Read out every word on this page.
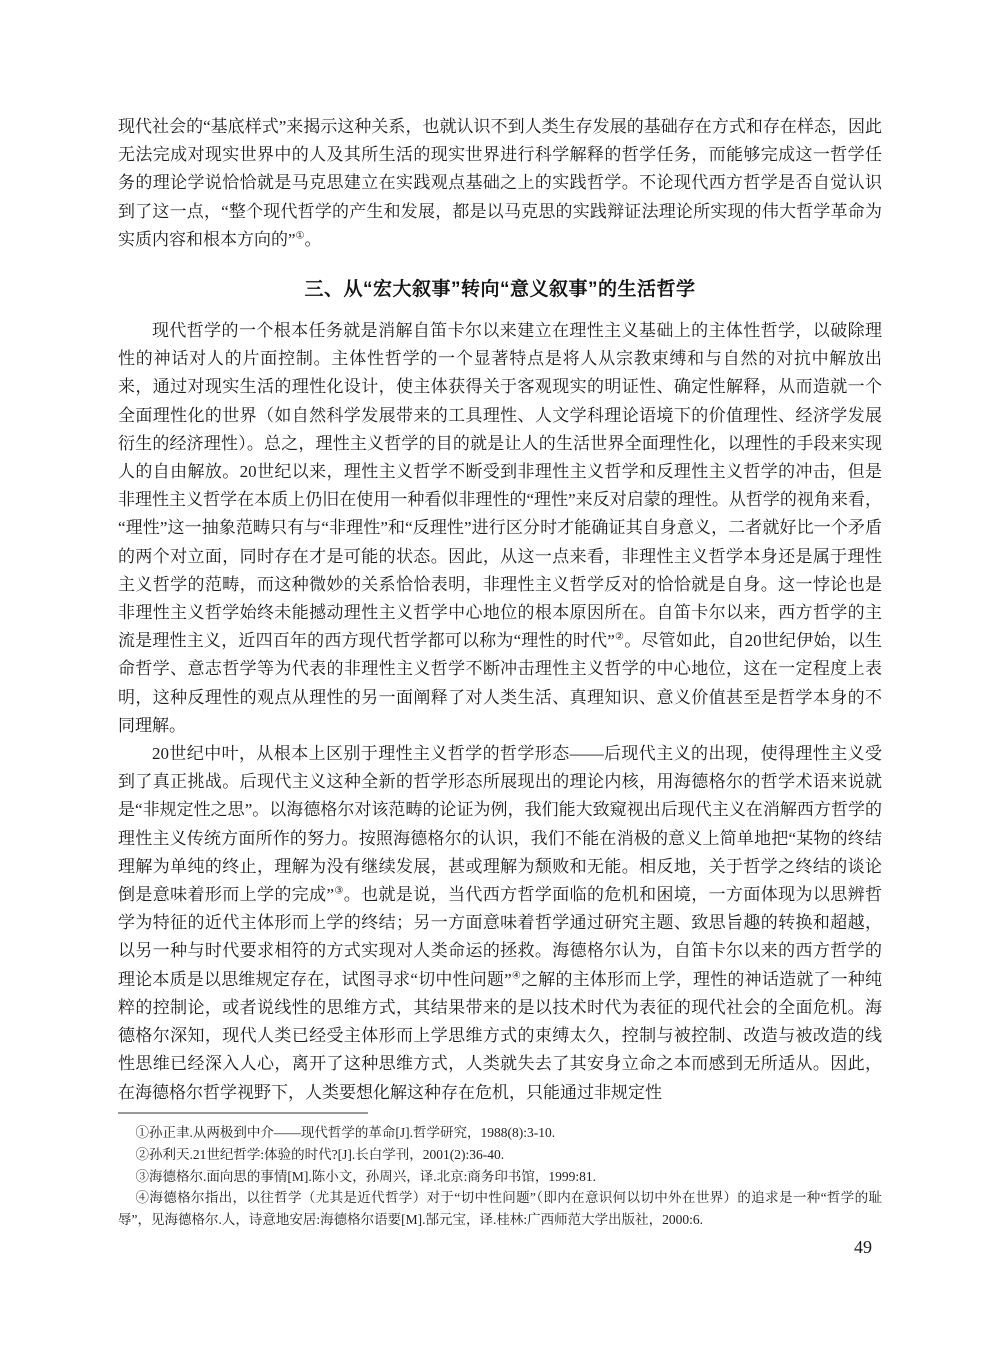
现代社会的“基底样式”来揭示这种关系，也就认识不到人类生存发展的基础存在方式和存在样态，因此无法完成对现实世界中的人及其所生活的现实世界进行科学解释的哲学任务，而能够完成这一哲学任务的理论学说恰恰就是马克思建立在实践观点基础之上的实践哲学。不论现代西方哲学是否自觉认识到了这一点，“整个现代哲学的产生和发展，都是以马克思的实践辩证法理论所实现的伟大哲学革命为实质内容和根本方向的”①。

三、从“宏大叙事”转向“意义叙事”的生活哲学

现代哲学的一个根本任务就是消解自笛卡尔以来建立在理性主义基础上的主体性哲学，以破除理性的神话对人的片面控制。主体性哲学的一个显著特点是将人从宗教束缚和与自然的对抗中解放出来，通过对现实生活的理性化设计，使主体获得关于客观现实的明证性、确定性解释，从而造就一个全面理性化的世界（如自然科学发展带来的工具理性、人文学科理论语境下的价值理性、经济学发展衍生的经济理性）。总之，理性主义哲学的目的就是让人的生活世界全面理性化，以理性的手段来实现人的自由解放。20世纪以来，理性主义哲学不断受到非理性主义哲学和反理性主义哲学的冲击，但是非理性主义哲学在本质上仍旧在使用一种看似非理性的“理性”来反对启蒙的理性。从哲学的视角来看，“理性”这一抽象范畴只有与“非理性”和“反理性”进行区分时才能确证其自身意义，二者就好比一个矛盾的两个对立面，同时存在才是可能的状态。因此，从这一点来看，非理性主义哲学本身还是属于理性主义哲学的范畴，而这种微妙的关系恰恰表明，非理性主义哲学反对的恰恰就是自身。这一悖论也是非理性主义哲学始终未能撼动理性主义哲学中心地位的根本原因所在。自笛卡尔以来，西方哲学的主流是理性主义，近四百年的西方现代哲学都可以称为“理性的时代”②。尽管如此，自20世纪伊始，以生命哲学、意志哲学等为代表的非理性主义哲学不断冲击理性主义哲学的中心地位，这在一定程度上表明，这种反理性的观点从理性的另一面阐释了对人类生活、真理知识、意义价值甚至是哲学本身的不同理解。

20世纪中叶，从根本上区别于理性主义哲学的哲学形态——后现代主义的出现，使得理性主义受到了真正挑战。后现代主义这种全新的哲学形态所展现出的理论内核，用海德格尔的哲学术语来说就是“非规定性之思”。以海德格尔对该范畴的论证为例，我们能大致窥视出后现代主义在消解西方哲学的理性主义传统方面所作的努力。按照海德格尔的认识，我们不能在消极的意义上简单地把“某物的终结理解为单纯的终止，理解为没有继续发展，甚或理解为颓败和无能。相反地，关于哲学之终结的谈论倒是意味着形而上学的完成”③。也就是说，当代西方哲学面临的危机和困境，一方面体现为以思辨哲学为特征的近代主体形而上学的终结；另一方面意味着哲学通过研究主题、致思旨趣的转换和超越，以另一种与时代要求相符的方式实现对人类命运的拯救。海德格尔认为，自笛卡尔以来的西方哲学的理论本质是以思维规定存在，试图寻求“切中性问题”④之解的主体形而上学，理性的神话造就了一种纯粹的控制论，或者说线性的思维方式，其结果带来的是以技术时代为表征的现代社会的全面危机。海德格尔深知，现代人类已经受主体形而上学思维方式的束缚太久，控制与被控制、改造与被改造的线性思维已经深入人心，离开了这种思维方式，人类就失去了其安身立命之本而感到无所适从。因此，在海德格尔哲学视野下，人类要想化解这种存在危机，只能通过非规定性

①孙正聿.从两极到中介——现代哲学的革命[J].哲学研究，1988(8):3-10.

②孙利天.21世纪哲学:体验的时代?[J].长白学刊，2001(2):36-40.

③海德格尔.面向思的事情[M].陈小文，孙周兴，译.北京:商务印书馆，1999:81.

④海德格尔指出，以往哲学（尤其是近代哲学）对于“切中性问题”（即内在意识何以切中外在世界）的追求是一种“哲学的耻辱”，见海德格尔.人，诗意地安居:海德格尔语要[M].郜元宝，译.桂林:广西师范大学出版社，2000:6.

49
